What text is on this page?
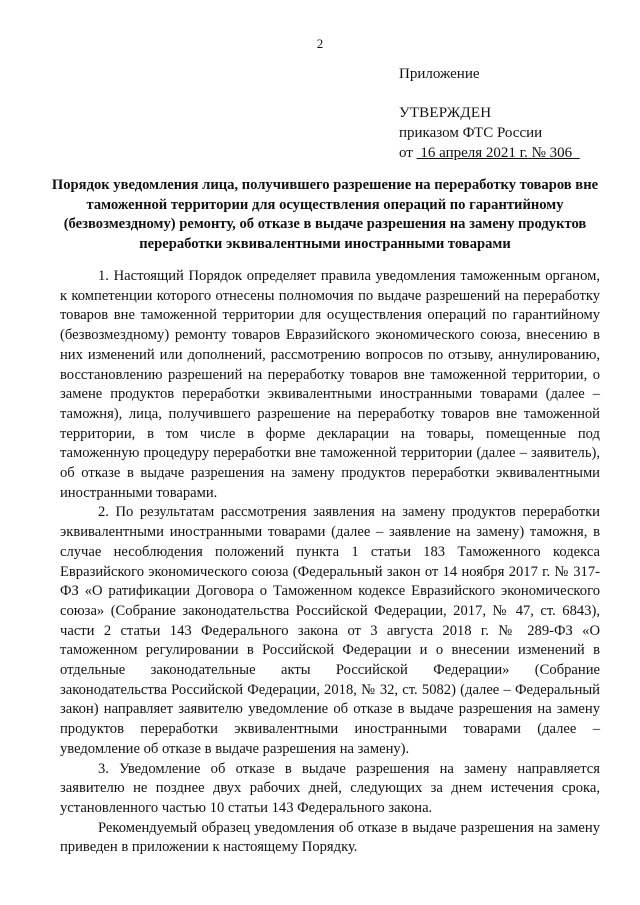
2
Приложение
УТВЕРЖДЕН
приказом ФТС России
от 16 апреля 2021 г. № 306
Порядок уведомления лица, получившего разрешение на переработку товаров вне таможенной территории для осуществления операций по гарантийному (безвозмездному) ремонту, об отказе в выдаче разрешения на замену продуктов переработки эквивалентными иностранными товарами

1. Настоящий Порядок определяет правила уведомления таможенным органом, к компетенции которого отнесены полномочия по выдаче разрешений на переработку товаров вне таможенной территории для осуществления операций по гарантийному (безвозмездному) ремонту товаров Евразийского экономического союза, внесению в них изменений или дополнений, рассмотрению вопросов по отзыву, аннулированию, восстановлению разрешений на переработку товаров вне таможенной территории, о замене продуктов переработки эквивалентными иностранными товарами (далее – таможня), лица, получившего разрешение на переработку товаров вне таможенной территории, в том числе в форме декларации на товары, помещенные под таможенную процедуру переработки вне таможенной территории (далее – заявитель), об отказе в выдаче разрешения на замену продуктов переработки эквивалентными иностранными товарами.

2. По результатам рассмотрения заявления на замену продуктов переработки эквивалентными иностранными товарами (далее – заявление на замену) таможня, в случае несоблюдения положений пункта 1 статьи 183 Таможенного кодекса Евразийского экономического союза (Федеральный закон от 14 ноября 2017 г. № 317-ФЗ «О ратификации Договора о Таможенном кодексе Евразийского экономического союза» (Собрание законодательства Российской Федерации, 2017, № 47, ст. 6843), части 2 статьи 143 Федерального закона от 3 августа 2018 г. № 289-ФЗ «О таможенном регулировании в Российской Федерации и о внесении изменений в отдельные законодательные акты Российской Федерации» (Собрание законодательства Российской Федерации, 2018, № 32, ст. 5082) (далее – Федеральный закон) направляет заявителю уведомление об отказе в выдаче разрешения на замену продуктов переработки эквивалентными иностранными товарами (далее – уведомление об отказе в выдаче разрешения на замену).

3. Уведомление об отказе в выдаче разрешения на замену направляется заявителю не позднее двух рабочих дней, следующих за днем истечения срока, установленного частью 10 статьи 143 Федерального закона.

Рекомендуемый образец уведомления об отказе в выдаче разрешения на замену приведен в приложении к настоящему Порядку.
